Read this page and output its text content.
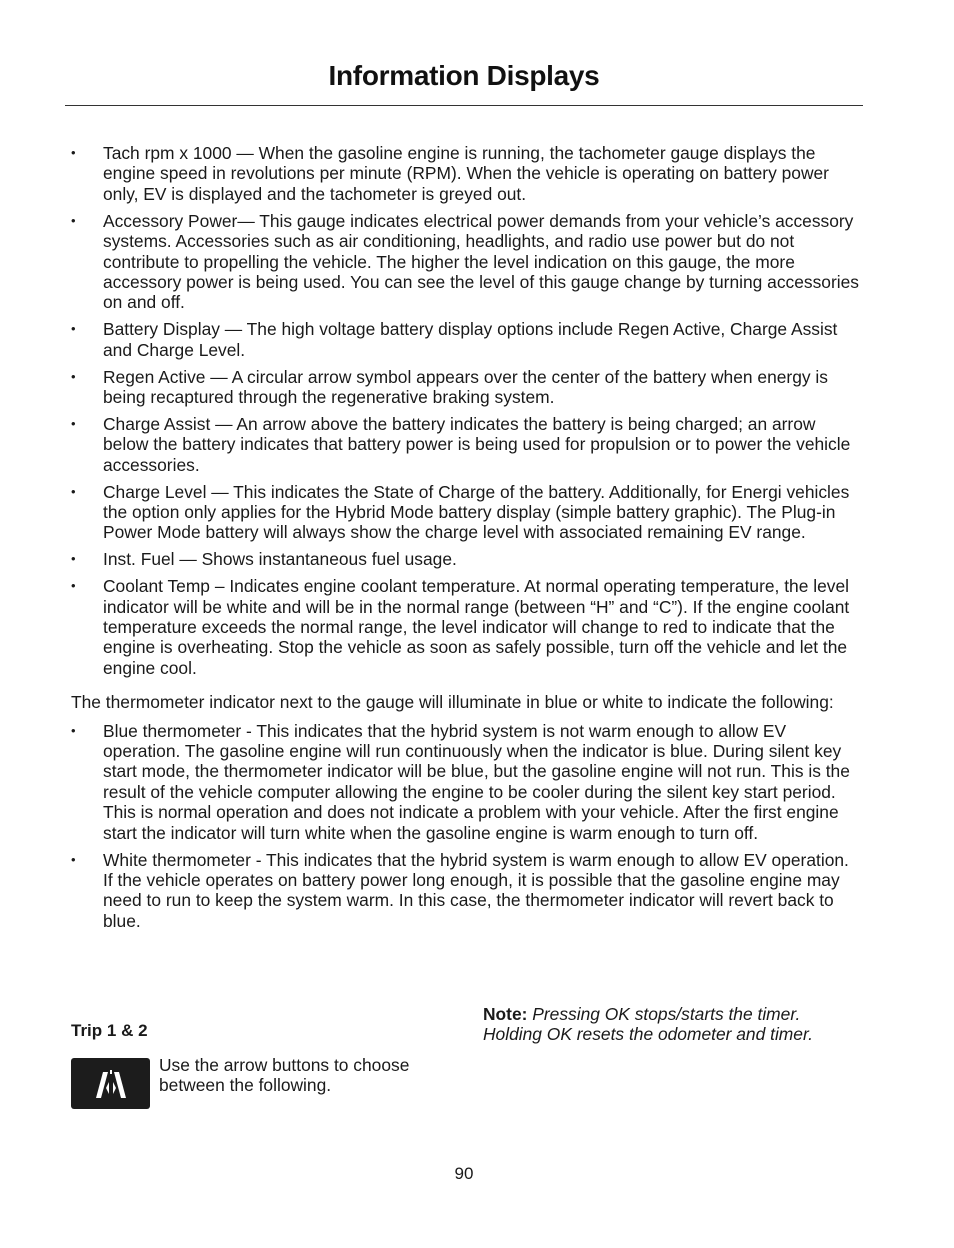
Information Displays
•	Tach rpm x 1000 — When the gasoline engine is running, the tachometer gauge displays the engine speed in revolutions per minute (RPM). When the vehicle is operating on battery power only, EV is displayed and the tachometer is greyed out.
•	Accessory Power— This gauge indicates electrical power demands from your vehicle’s accessory systems. Accessories such as air conditioning, headlights, and radio use power but do not contribute to propelling the vehicle. The higher the level indication on this gauge, the more accessory power is being used. You can see the level of this gauge change by turning accessories on and off.
•	Battery Display — The high voltage battery display options include Regen Active, Charge Assist and Charge Level.
•	Regen Active — A circular arrow symbol appears over the center of the battery when energy is being recaptured through the regenerative braking system.
•	Charge Assist — An arrow above the battery indicates the battery is being charged; an arrow below the battery indicates that battery power is being used for propulsion or to power the vehicle accessories.
•	Charge Level — This indicates the State of Charge of the battery. Additionally, for Energi vehicles the option only applies for the Hybrid Mode battery display (simple battery graphic). The Plug-in Power Mode battery will always show the charge level with associated remaining EV range.
•	Inst. Fuel — Shows instantaneous fuel usage.
•	Coolant Temp – Indicates engine coolant temperature. At normal operating temperature, the level indicator will be white and will be in the normal range (between “H” and “C”). If the engine coolant temperature exceeds the normal range, the level indicator will change to red to indicate that the engine is overheating. Stop the vehicle as soon as safely possible, turn off the vehicle and let the engine cool.

The thermometer indicator next to the gauge will illuminate in blue or white to indicate the following:

•	Blue thermometer - This indicates that the hybrid system is not warm enough to allow EV operation. The gasoline engine will run continuously when the indicator is blue. During silent key start mode, the thermometer indicator will be blue, but the gasoline engine will not run. This is the result of the vehicle computer allowing the engine to be cooler during the silent key start period. This is normal operation and does not indicate a problem with your vehicle. After the first engine start the indicator will turn white when the gasoline engine is warm enough to turn off.
•	White thermometer - This indicates that the hybrid system is warm enough to allow EV operation. If the vehicle operates on battery power long enough, it is possible that the gasoline engine may need to run to keep the system warm. In this case, the thermometer indicator will revert back to blue.
Trip 1 & 2

Use the arrow buttons to choose between the following.

Note: Pressing OK stops/starts the timer. Holding OK resets the odometer and timer.

90
